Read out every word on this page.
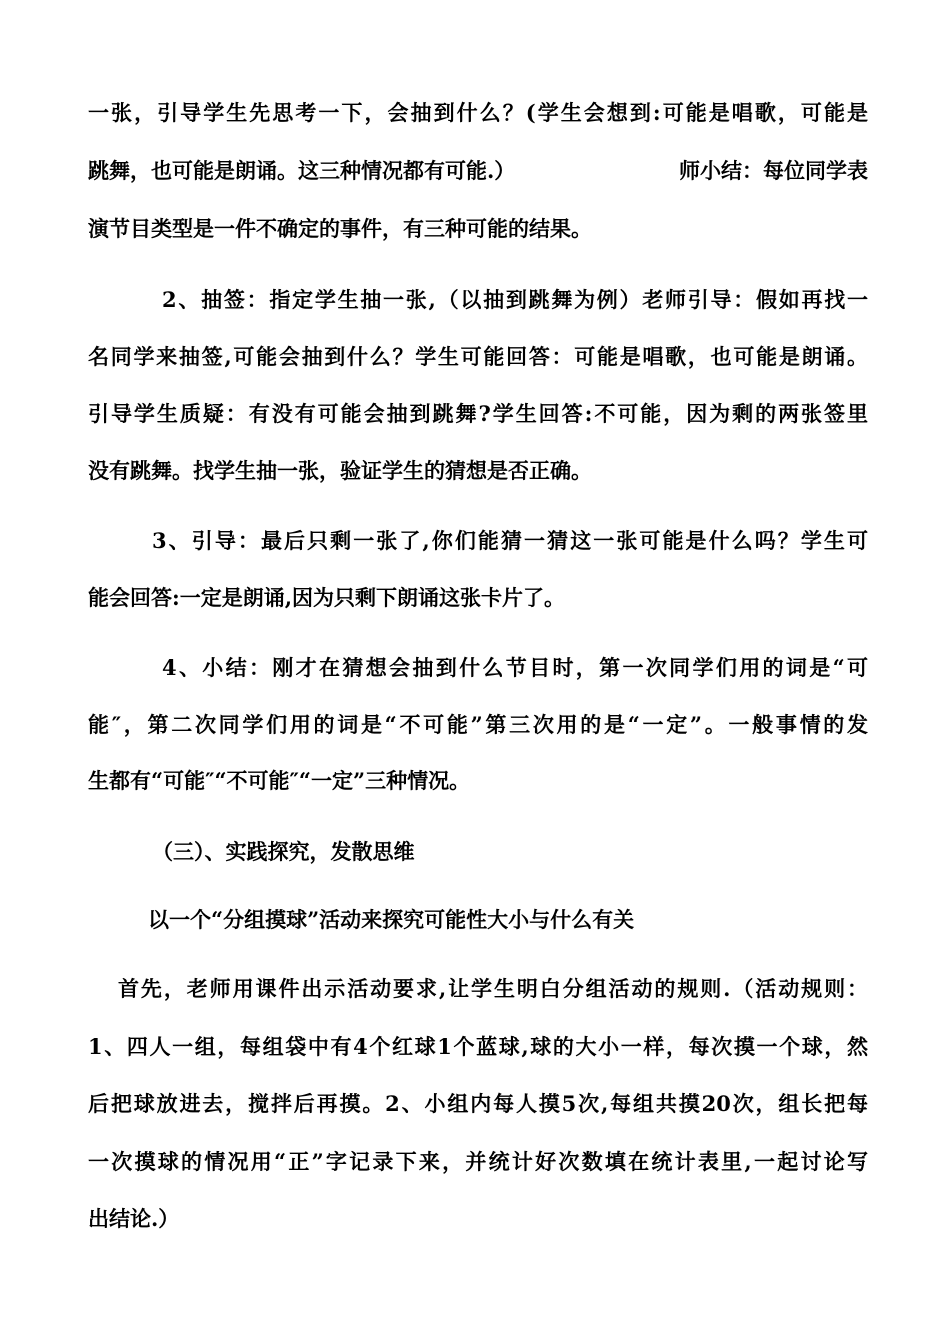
一张，引导学生先思考一下，会抽到什么？(学生会想到:可能是唱歌，可能是
跳舞，也可能是朗诵。这三种情况都有可能.）	师小结：每位同学表
演节目类型是一件不确定的事件，有三种可能的结果。
2、抽签：指定学生抽一张,（以抽到跳舞为例）老师引导：假如再找一
名同学来抽签,可能会抽到什么？学生可能回答：可能是唱歌，也可能是朗诵。
引导学生质疑：有没有可能会抽到跳舞?学生回答:不可能，因为剩的两张签里
没有跳舞。找学生抽一张，验证学生的猜想是否正确。
3、引导：最后只剩一张了,你们能猜一猜这一张可能是什么吗？学生可
能会回答:一定是朗诵,因为只剩下朗诵这张卡片了。
4、小结：刚才在猜想会抽到什么节目时，第一次同学们用的词是“可
能″，第二次同学们用的词是“不可能”第三次用的是“一定”。一般事情的发
生都有“可能″“不可能″“一定”三种情况。
（三）、实践探究，发散思维
以一个“分组摸球”活动来探究可能性大小与什么有关
首先，老师用课件出示活动要求,让学生明白分组活动的规则.（活动规则：
1、四人一组，每组袋中有4个红球1个蓝球,球的大小一样，每次摸一个球，然
后把球放进去，搅拌后再摸。2、小组内每人摸5次,每组共摸20次，组长把每
一次摸球的情况用“正”字记录下来，并统计好次数填在统计表里,一起讨论写
出结论.）
